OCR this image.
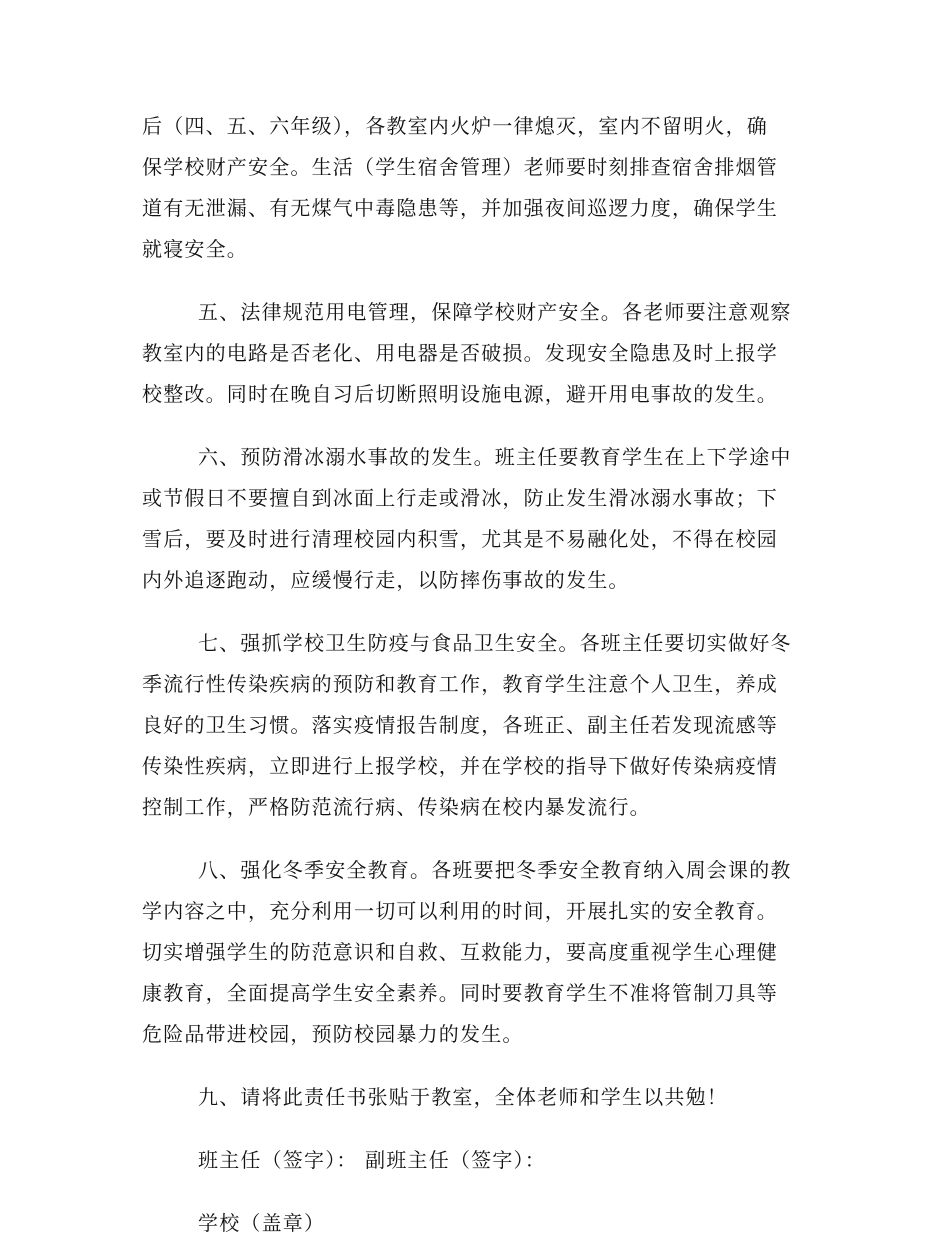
后（四、五、六年级），各教室内火炉一律熄灭，室内不留明火，确
保学校财产安全。生活（学生宿舍管理）老师要时刻排查宿舍排烟管
道有无泄漏、有无煤气中毒隐患等，并加强夜间巡逻力度，确保学生
就寝安全。
五、法律规范用电管理，保障学校财产安全。各老师要注意观察
教室内的电路是否老化、用电器是否破损。发现安全隐患及时上报学
校整改。同时在晚自习后切断照明设施电源，避开用电事故的发生。
六、预防滑冰溺水事故的发生。班主任要教育学生在上下学途中
或节假日不要擅自到冰面上行走或滑冰，防止发生滑冰溺水事故；下
雪后，要及时进行清理校园内积雪，尤其是不易融化处，不得在校园
内外追逐跑动，应缓慢行走，以防摔伤事故的发生。
七、强抓学校卫生防疫与食品卫生安全。各班主任要切实做好冬
季流行性传染疾病的预防和教育工作，教育学生注意个人卫生，养成
良好的卫生习惯。落实疫情报告制度，各班正、副主任若发现流感等
传染性疾病，立即进行上报学校，并在学校的指导下做好传染病疫情
控制工作，严格防范流行病、传染病在校内暴发流行。
八、强化冬季安全教育。各班要把冬季安全教育纳入周会课的教
学内容之中，充分利用一切可以利用的时间，开展扎实的安全教育。
切实增强学生的防范意识和自救、互救能力，要高度重视学生心理健
康教育，全面提高学生安全素养。同时要教育学生不准将管制刀具等
危险品带进校园，预防校园暴力的发生。
九、请将此责任书张贴于教室，全体老师和学生以共勉！
班主任（签字）： 副班主任（签字）：
学校（盖章）
